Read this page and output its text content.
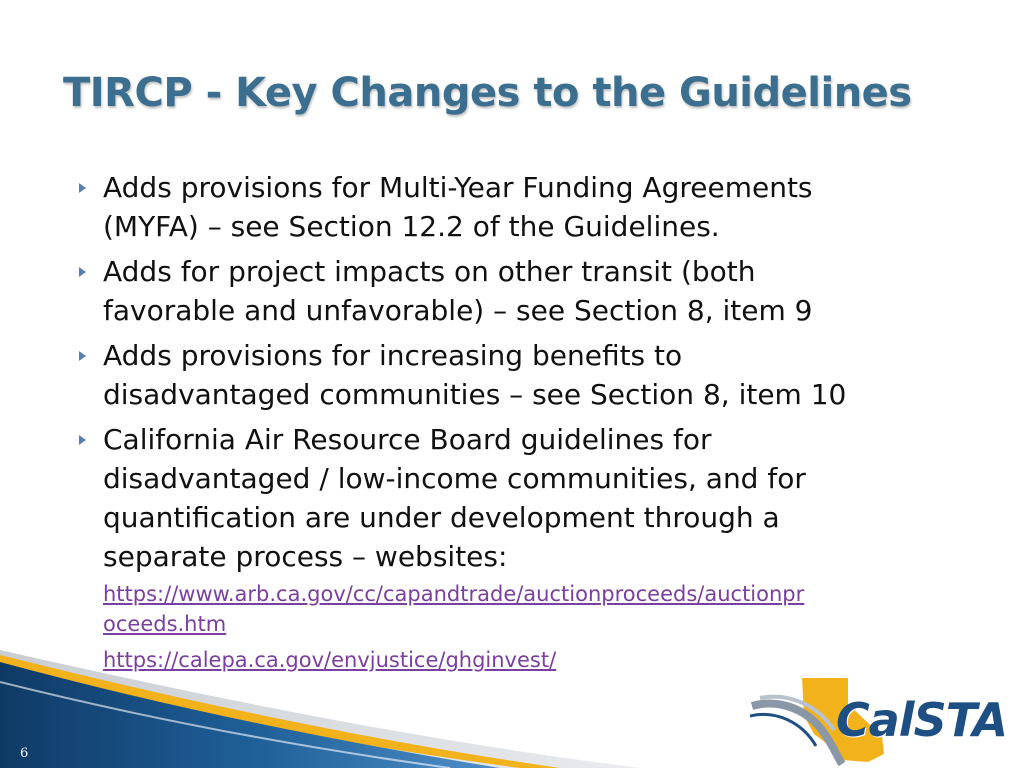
TIRCP - Key Changes to the Guidelines
Adds provisions for Multi-Year Funding Agreements
(MYFA) – see Section 12.2 of the Guidelines.
Adds for project impacts on other transit (both
favorable and unfavorable) – see Section 8, item 9
Adds provisions for increasing benefits to
disadvantaged communities – see Section 8, item 10
California Air Resource Board guidelines for
disadvantaged / low-income communities, and for
quantification are under development through a
separate process – websites:
https://www.arb.ca.gov/cc/capandtrade/auctionproceeds/auctionpr
oceeds.htm
https://calepa.ca.gov/envjustice/ghginvest/
CalSTA
6
